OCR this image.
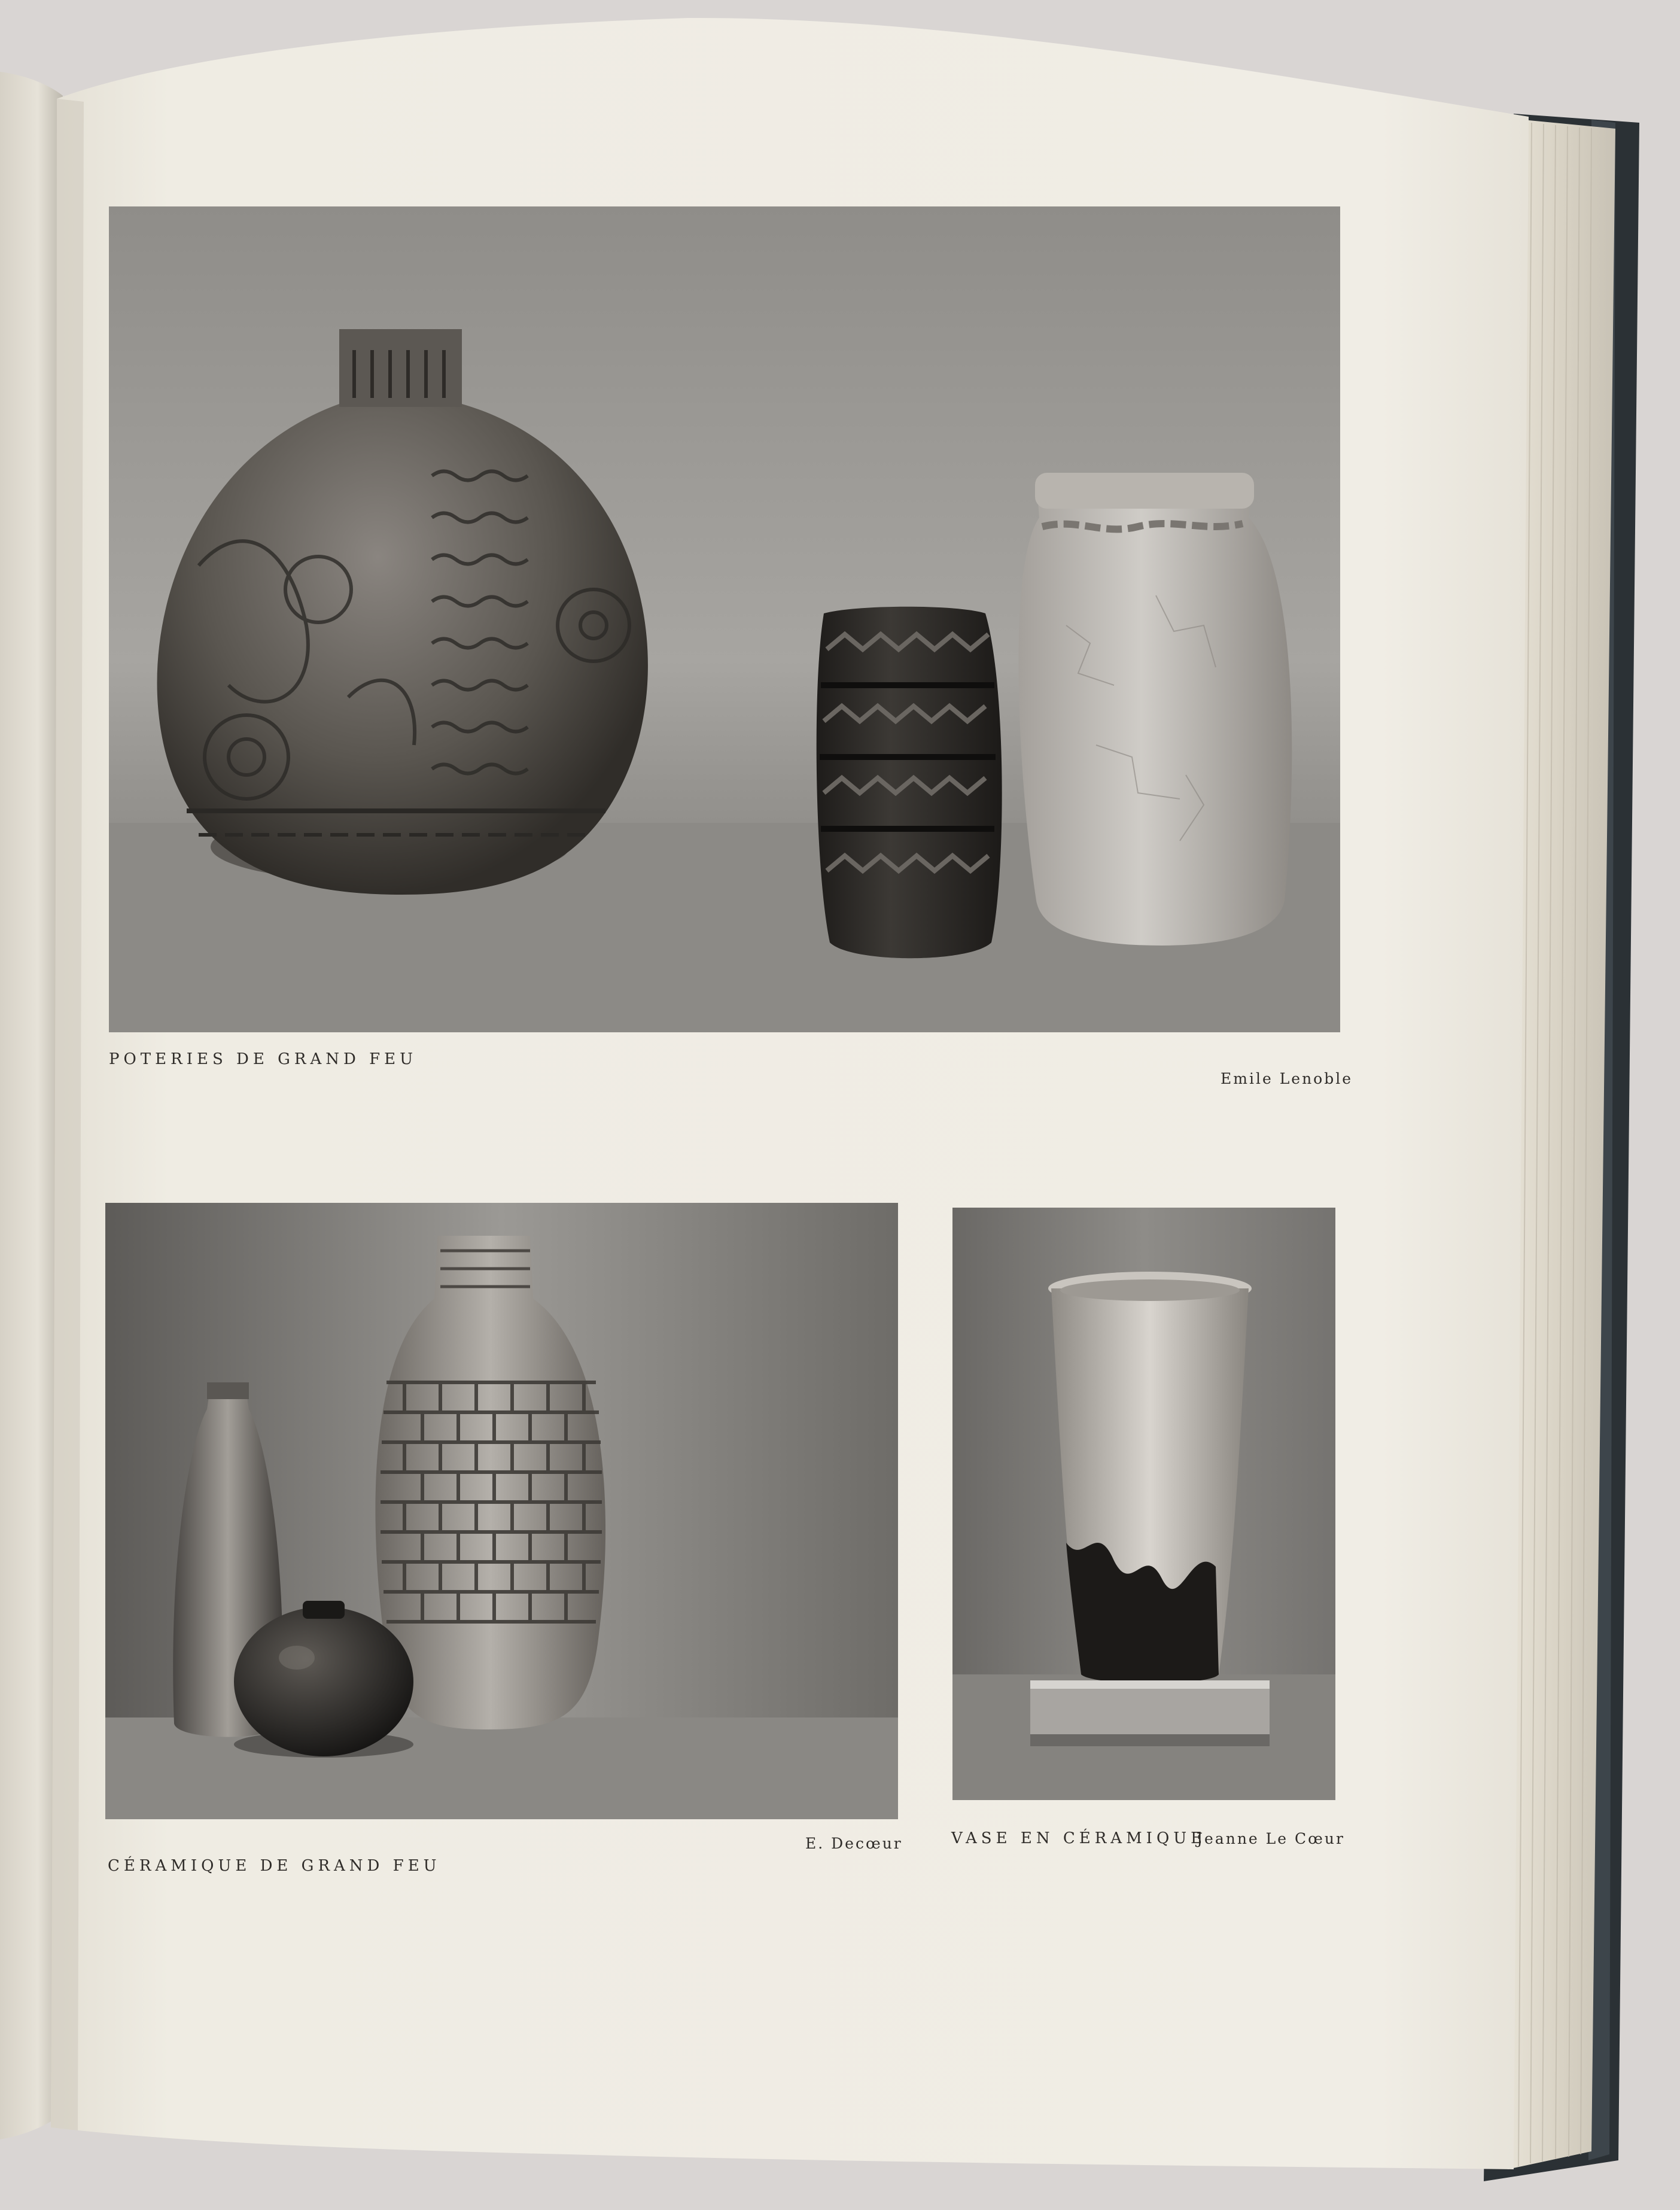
POTERIES DE GRAND FEU

Emile Lenoble

CÉRAMIQUE DE GRAND FEU

E. Decœur	VASE EN CÉRAMIQUE

Jeanne Le Cœur
